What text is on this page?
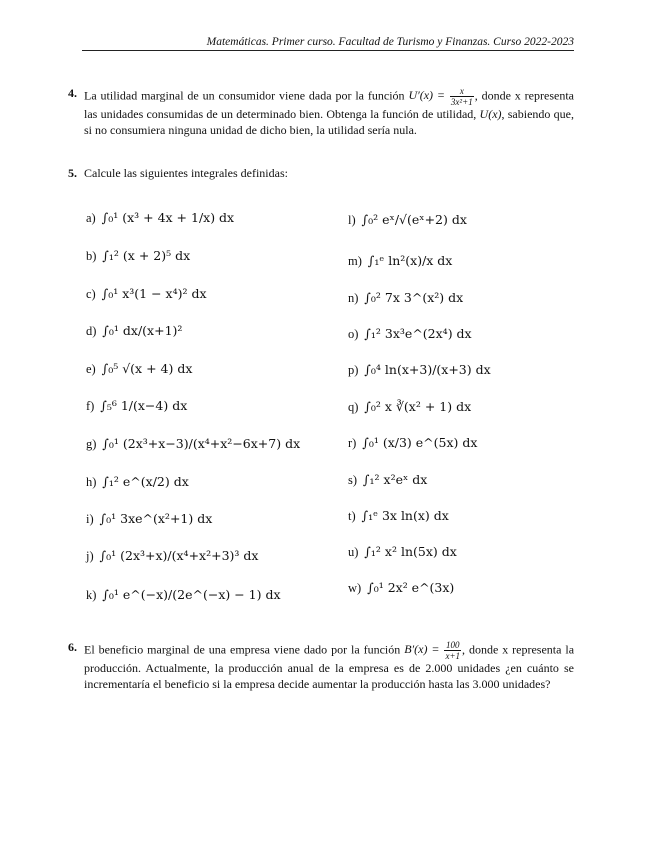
Matemáticas. Primer curso. Facultad de Turismo y Finanzas. Curso 2022-2023
4. La utilidad marginal de un consumidor viene dada por la función $U'(x) = \frac{x}{\text{3x²+1}}$ , donde x representa las unidades consumidas de un determinado bien. Obtenga la función de utilidad, U(x), sabiendo que, si no consumiera ninguna unidad de dicho bien, la utilidad sería nula.
5. Calcule las siguientes integrales definidas:
a) ∫₀¹ (x³ + 4x + 1/x) dx
b) ∫₁² (x + 2)⁵ dx
c) ∫₀¹ x³(1 − x⁴)² dx
d) ∫₀¹ dx/(x+1)²
e) ∫₀⁵ √(x + 4) dx
f) ∫₅⁶ 1/(x−4) dx
g) ∫₀¹ (2x³+x−3)/(x⁴+x²−6x+7) dx
h) ∫₁² e^(x/2) dx
i) ∫₀¹ 3xe^(x²+1) dx
j) ∫₀¹ (2x³+x)/(x⁴+x²+3)³ dx
k) ∫₀¹ e^(−x)/(2e^(−x) − 1) dx
l) ∫₀² eˣ/√(eˣ+2) dx
m) ∫₁ᵉ ln²(x)/x dx
n) ∫₀² 7x 3^(x²) dx
o) ∫₁² 3x³e^(2x⁴) dx
p) ∫₀⁴ ln(x+3)/(x+3) dx
q) ∫₀² x ∛(x² + 1) dx
r) ∫₀¹ (x/3) e^(5x) dx
s) ∫₁² x²eˣ dx
t) ∫₁ᵉ 3x ln(x) dx
u) ∫₁² x² ln(5x) dx
w) ∫₀¹ 2x² e^(3x)
6. El beneficio marginal de una empresa viene dado por la función $B'(x) = \frac{100}{x+1}$ , donde x representa la producción. Actualmente, la producción anual de la empresa es de 2.000 unidades ¿en cuánto se incrementaría el beneficio si la empresa decide aumentar la producción hasta las 3.000 unidades?
